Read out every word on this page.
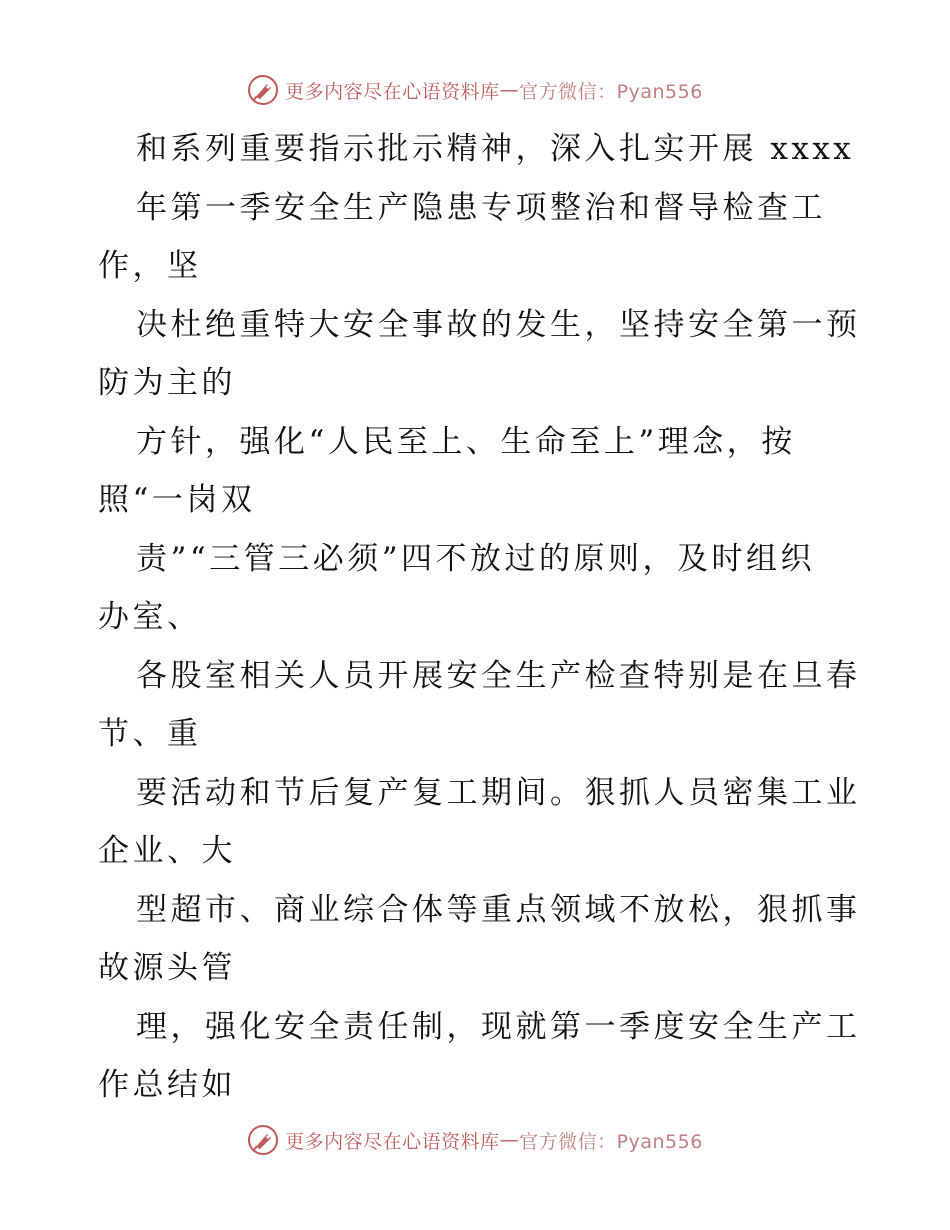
更多内容尽在心语资料库 — 官方微信：Pyan556
和系列重要指示批示精神，深入扎实开展 xxxx
年第一季安全生产隐患专项整治和督导检查工
作，坚
决杜绝重特大安全事故的发生，坚持安全第一预
防为主的
方针，强化“人民至上、生命至上”理念，按
照“一岗双
责”“三管三必须”四不放过的原则，及时组织
办室、
各股室相关人员开展安全生产检查特别是在旦春
节、重
要活动和节后复产复工期间。狠抓人员密集工业
企业、大
型超市、商业综合体等重点领域不放松，狠抓事
故源头管
理，强化安全责任制，现就第一季度安全生产工
作总结如
更多内容尽在心语资料库 — 官方微信：Pyan556
